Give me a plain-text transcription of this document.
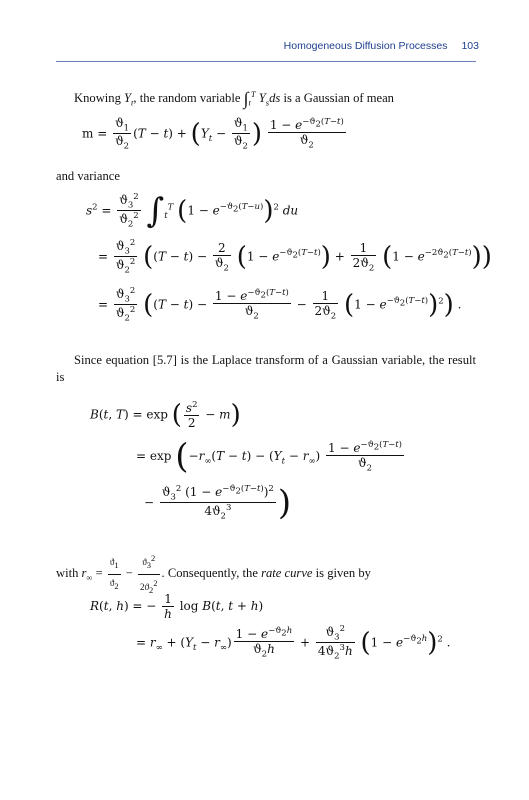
Homogeneous Diffusion Processes 103
Knowing $Y_t$, the random variable $\int_t^T$ $Y_sds$ is a Gaussian of mean
$m = \frac{ϑ_1}{ϑ_2} (T - t) + (Y_t - \frac{ϑ_1}{ϑ_2}$ ) $\frac{1 - e^{-ϑ_2(T-t)}}{ϑ_2}$
and variance
$s^2 = \frac{ϑ_3^2}{ϑ_2^2} \int_t^T$ $(1 - e^{-ϑ_2(T-u)})^2$ du
= $\frac{ϑ_3^2}{ϑ_2^2} ((T - t) - \frac{2}{ϑ_2} (1 - e^{-ϑ_2(T-t)}) + \frac{1}{2ϑ_2} (1 - e^{-2ϑ_2(T-t)}))$
= $\frac{ϑ_3^2}{ϑ_2^2} ((T - t) - \frac{1 - e^{-ϑ_2(T-t)}}{ϑ_2} - \frac{1}{2ϑ_2} (1 - e^{-ϑ_2(T-t)})^2)$ .
Since equation [5.7] is the Laplace transform of a Gaussian variable, the result is
B(t, T) = exp ( $\frac{s^2}{2} - m$)
= $\exp (-r_\infty(T - t) - (Y_t - r_\infty) \frac{1 - e^{-ϑ_2(T-t)}}{ϑ_2}$
− $\frac{ϑ_3^2 (1 - e^{-ϑ_2(T-t)})^2}{4ϑ_2^3}$ )
with $r_\infty = \frac{ϑ_1}{ϑ_2} - \frac{ϑ_3^2}{2ϑ_2^2}$ . Consequently, the rate curve is given by
R(t, h) = − $\frac{1}{h}$ log B(t, t + h)
= $r_\infty + (Y_t - r_\infty) \frac{1 - e^{-ϑ_2h}}{ϑ_2h} + \frac{ϑ_3^2}{4ϑ_2^3h} (1 - e^{-ϑ_2h})^2$ .
